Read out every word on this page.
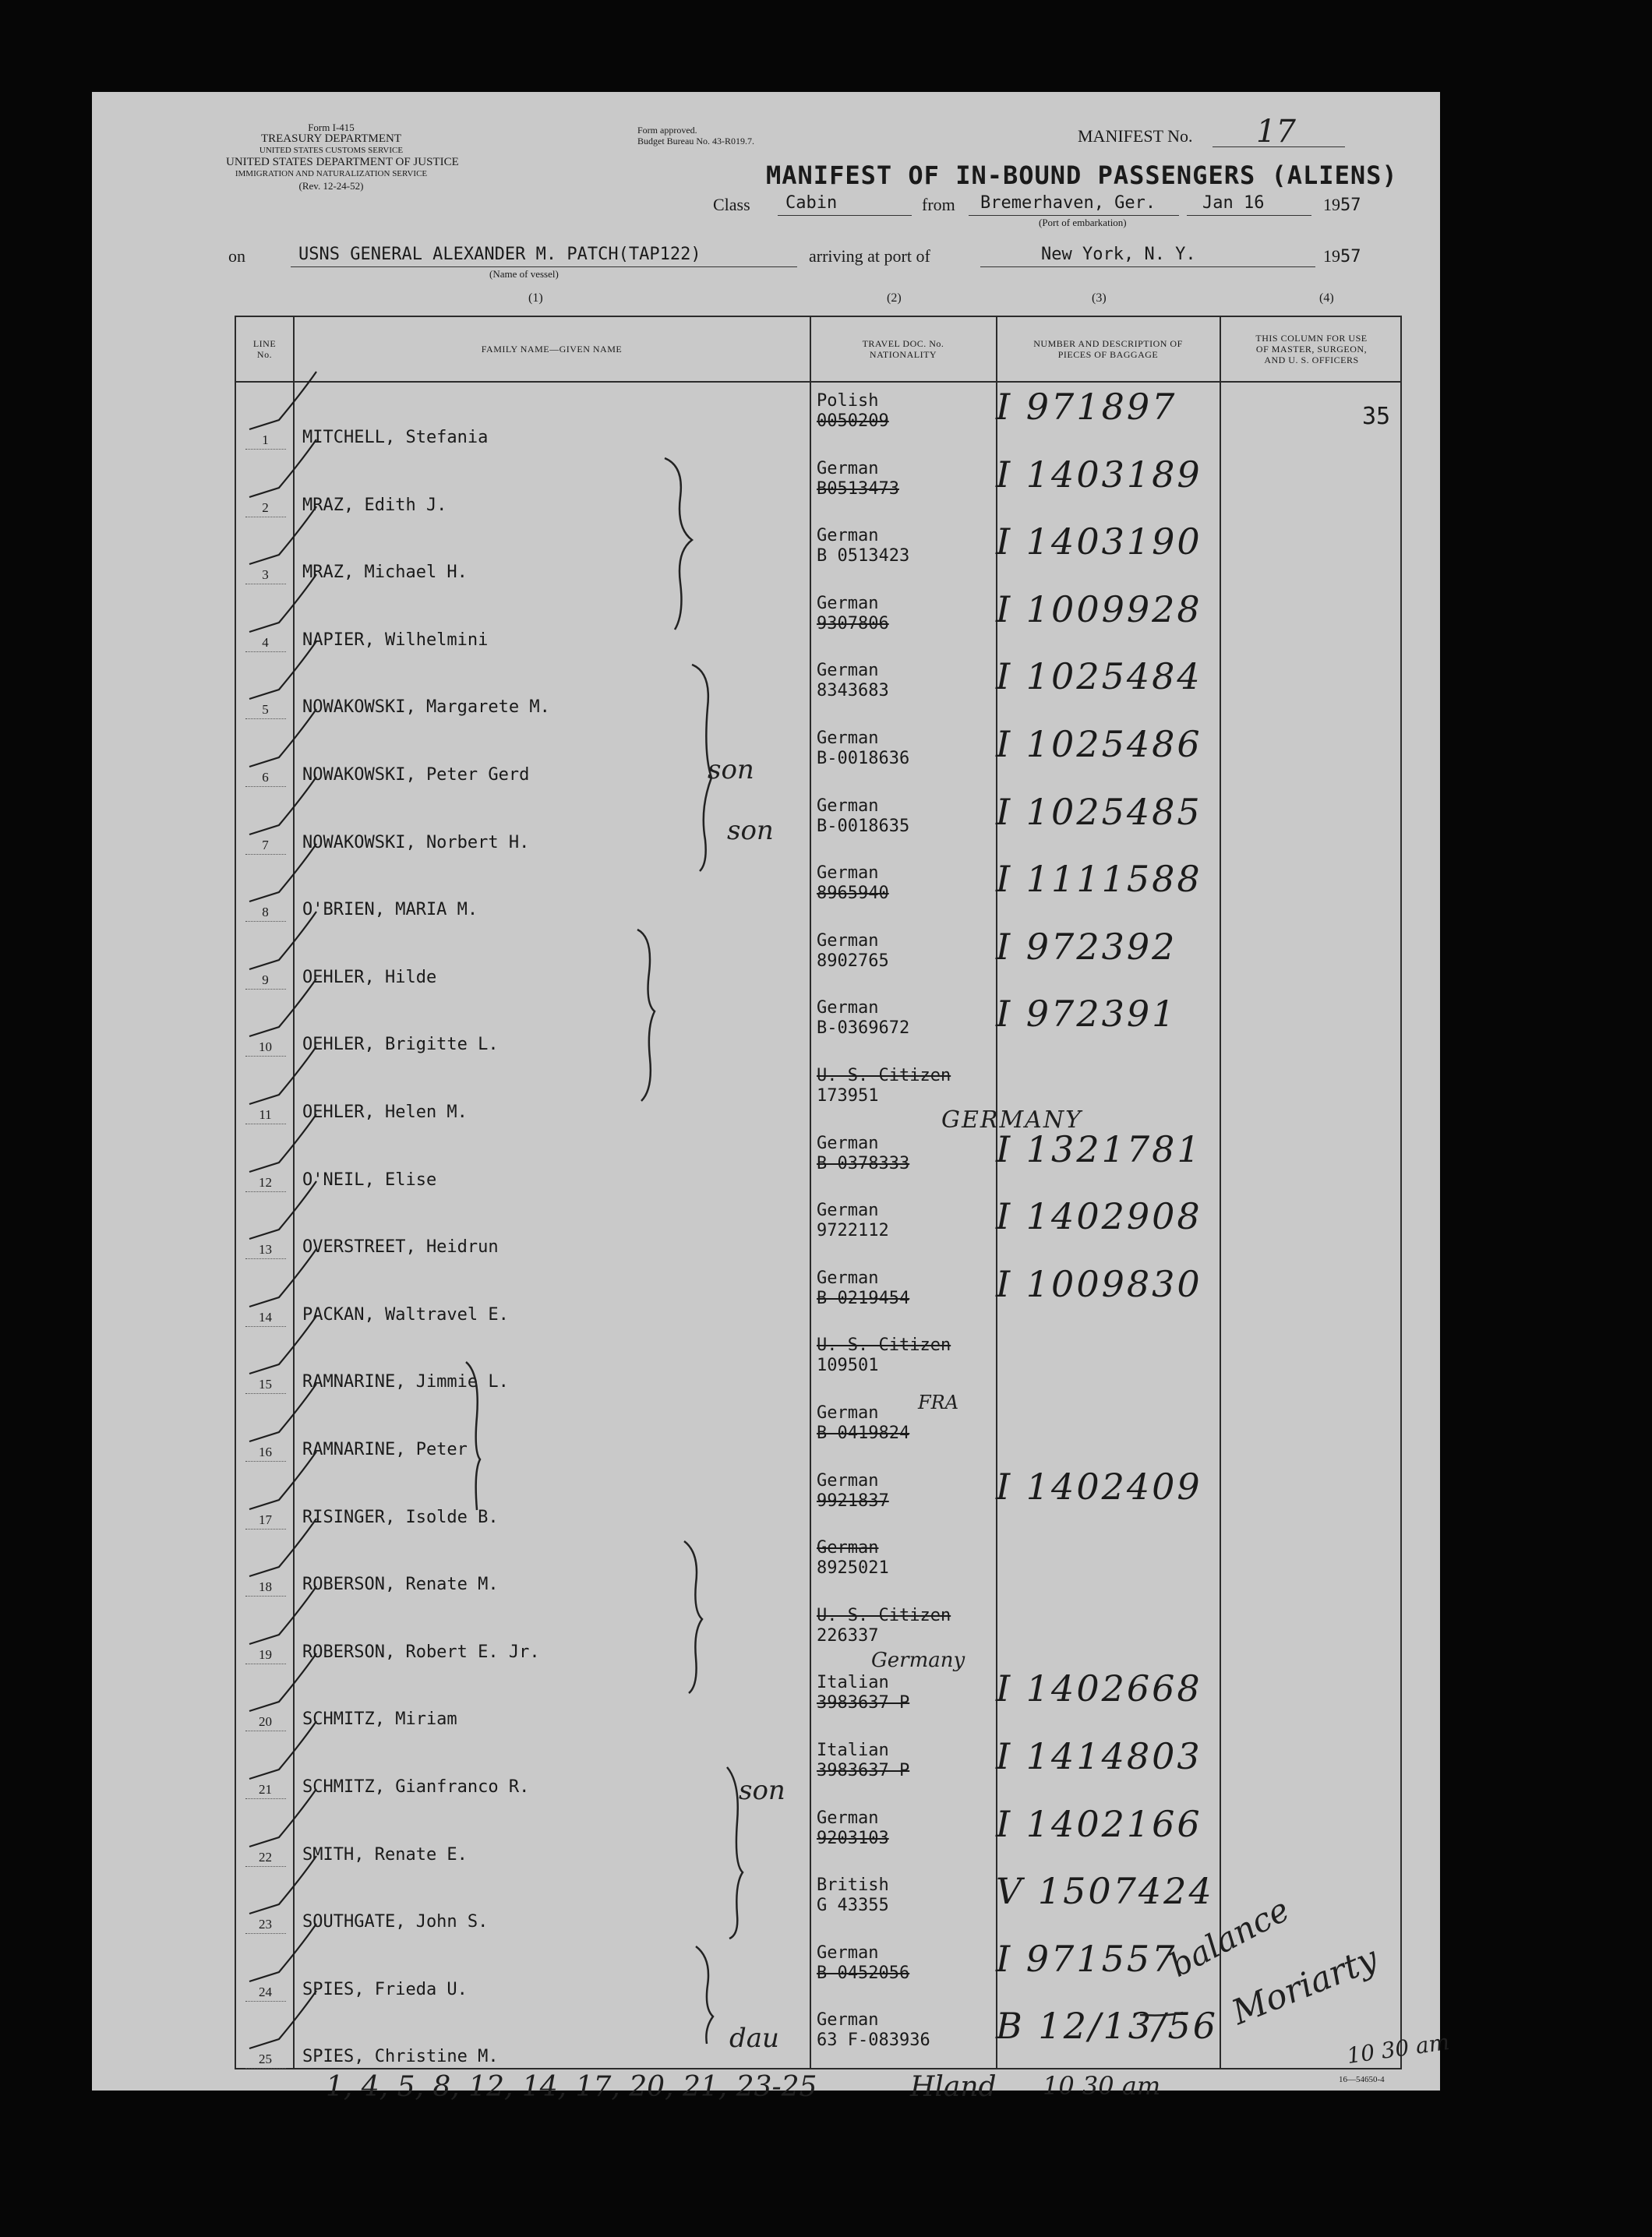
Form I-415
TREASURY DEPARTMENT
UNITED STATES CUSTOMS SERVICE
UNITED STATES DEPARTMENT OF JUSTICE
IMMIGRATION AND NATURALIZATION SERVICE
(Rev. 12-24-52)
Form approved.
Budget Bureau No. 43-R019.7.	MANIFEST No. 17
MANIFEST OF IN-BOUND PASSENGERS (ALIENS)
Class Cabin	from Bremerhaven, Ger.
(Port of embarkation)
Jan 16	1957
on	USNS GENERAL ALEXANDER M. PATCH(TAP122)
(Name of vessel)
arriving at port of	New York, N. Y.	1957
(1)	(2)	(3)	(4)
LINE
No.	FAMILY NAME—GIVEN NAME	TRAVEL DOC. No.
NATIONALITY
NUMBER AND DESCRIPTION OF
PIECES OF BAGGAGE
THIS COLUMN FOR USE
OF MASTER, SURGEON,
AND U. S. OFFICERS
35
1	MITCHELL, Stefania
Polish
0050209	I 971897
2	MRAZ, Edith J.
German
B0513473	I 1403189
3	MRAZ, Michael H.
German
B 0513423 I 1403190
4	NAPIER, Wilhelmini
German
9307806	I 1009928
5	NOWAKOWSKI, Margarete M.
German
8343683	I 1025484
6	NOWAKOWSKI, Peter Gerd
German
B-0018636 I 1025486
7	NOWAKOWSKI, Norbert H.
German
B-0018635 I 1025485
8	O'BRIEN, MARIA M.
German
8965940	I 1111588
9	OEHLER, Hilde
German
8902765	I 972392
10	OEHLER, Brigitte L.
German
B-0369672 I 972391
11	OEHLER, Helen M.
U. S. Citizen
173951
12	O'NEIL, Elise
German
B-0378333 I 1321781
13	OVERSTREET, Heidrun
German
9722112	I 1402908
14	PACKAN, Waltravel E.
German
B-0219454 I 1009830
15	RAMNARINE, Jimmie L.
U. S. Citizen
109501
16	RAMNARINE, Peter
German
B-0419824
17	RISINGER, Isolde B.
German
9921837	I 1402409
18	ROBERSON, Renate M.
German
8925021
19	ROBERSON, Robert E. Jr.
U. S. Citizen
226337
20	SCHMITZ, Miriam
Italian
3983637 P I 1402668
21	SCHMITZ, Gianfranco R.
Italian
3983637 P I 1414803
22	SMITH, Renate E.
German
9203103	I 1402166
23	SOUTHGATE, John S.
British
G 43355	V 1507424
24	SPIES, Frieda U.
German
B 0452056 I 971557
25	SPIES, Christine M.
German
63 F-083936 B 12/13/56
son
son
son
dau
GERMANY
Germany
FRA
balance
Moriarty
10 30 am
1, 4, 5, 8, 12, 14, 17, 20, 21, 23-25	Hland 10 30 am	16—54650-4
